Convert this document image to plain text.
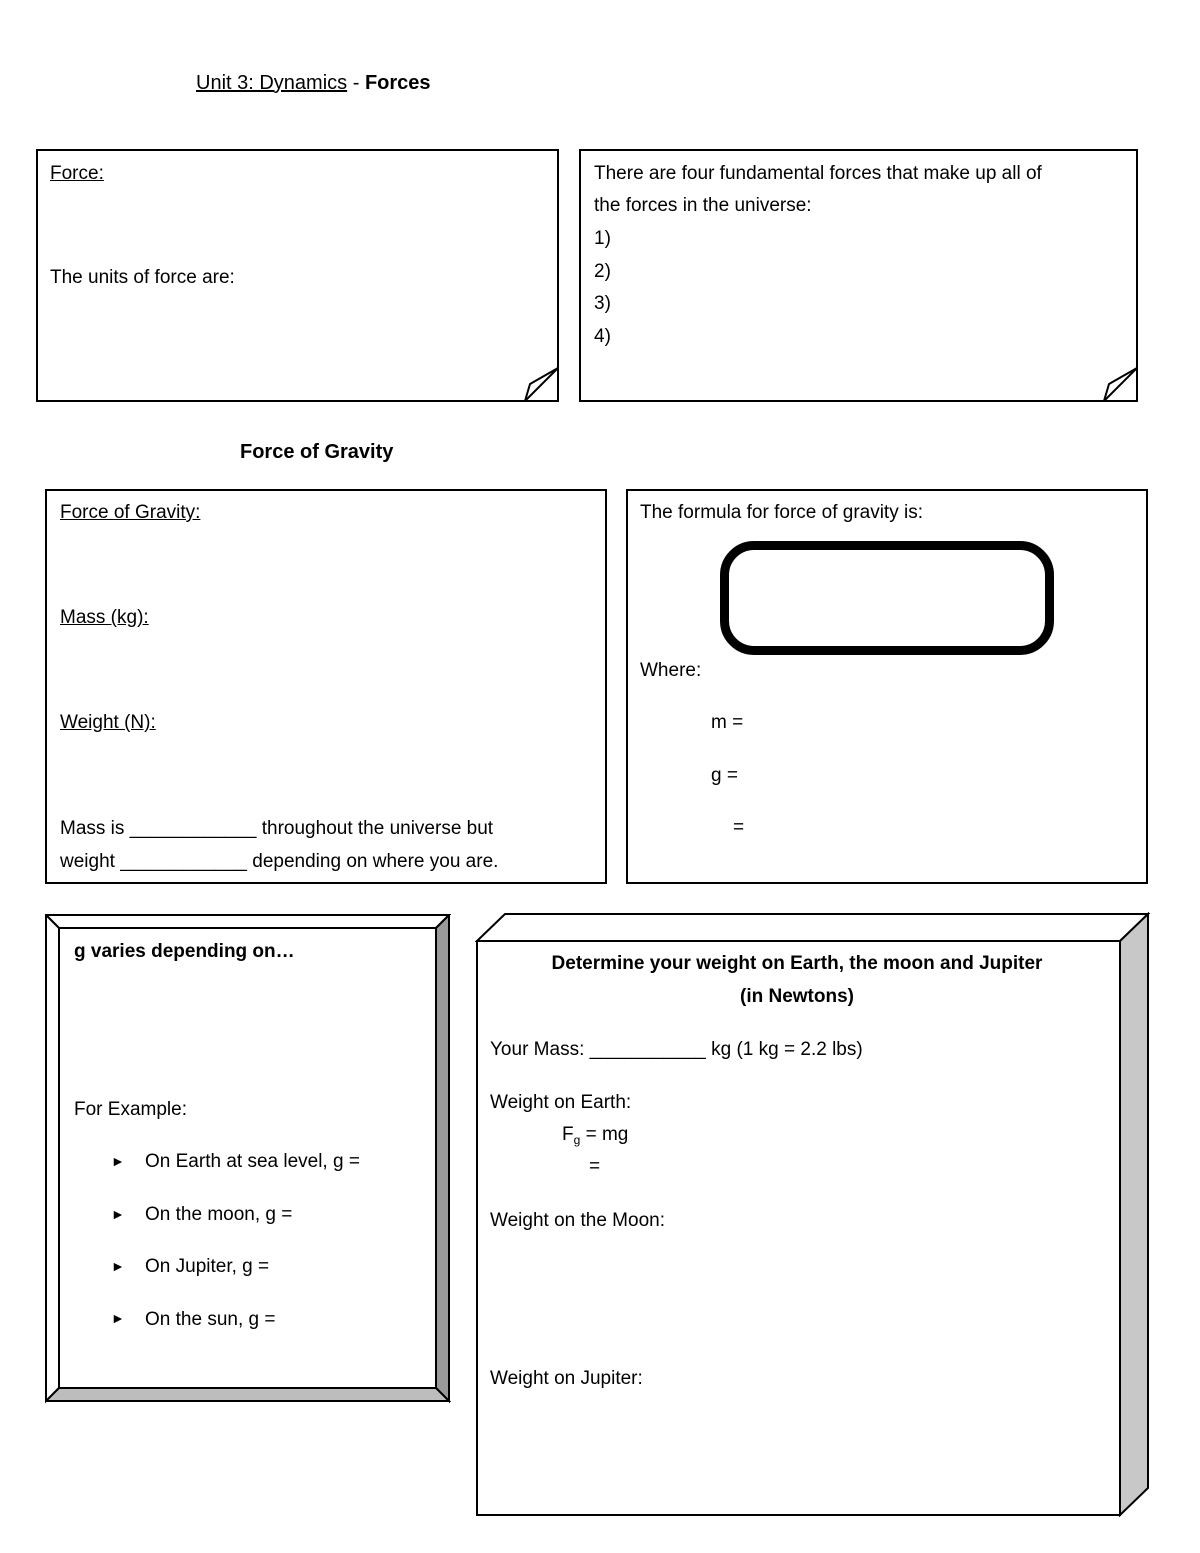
Unit 3: Dynamics - Forces
Force:
The units of force are:
There are four fundamental forces that make up all of
the forces in the universe:
1)
2)
3)
4)
Force of Gravity
Force of Gravity:
Mass (kg):
Weight (N):
Mass is ____________ throughout the universe but
weight ____________ depending on where you are.
The formula for force of gravity is:
Where:
m =
g =
=
g varies depending on…
For Example:
► On Earth at sea level, g =
► On the moon, g =
► On Jupiter, g =
► On the sun, g =
Determine your weight on Earth, the moon and Jupiter
(in Newtons)
Your Mass: ___________ kg (1 kg = 2.2 lbs)
Weight on Earth:
$F_g$ = mg
=
Weight on the Moon:
Weight on Jupiter:
